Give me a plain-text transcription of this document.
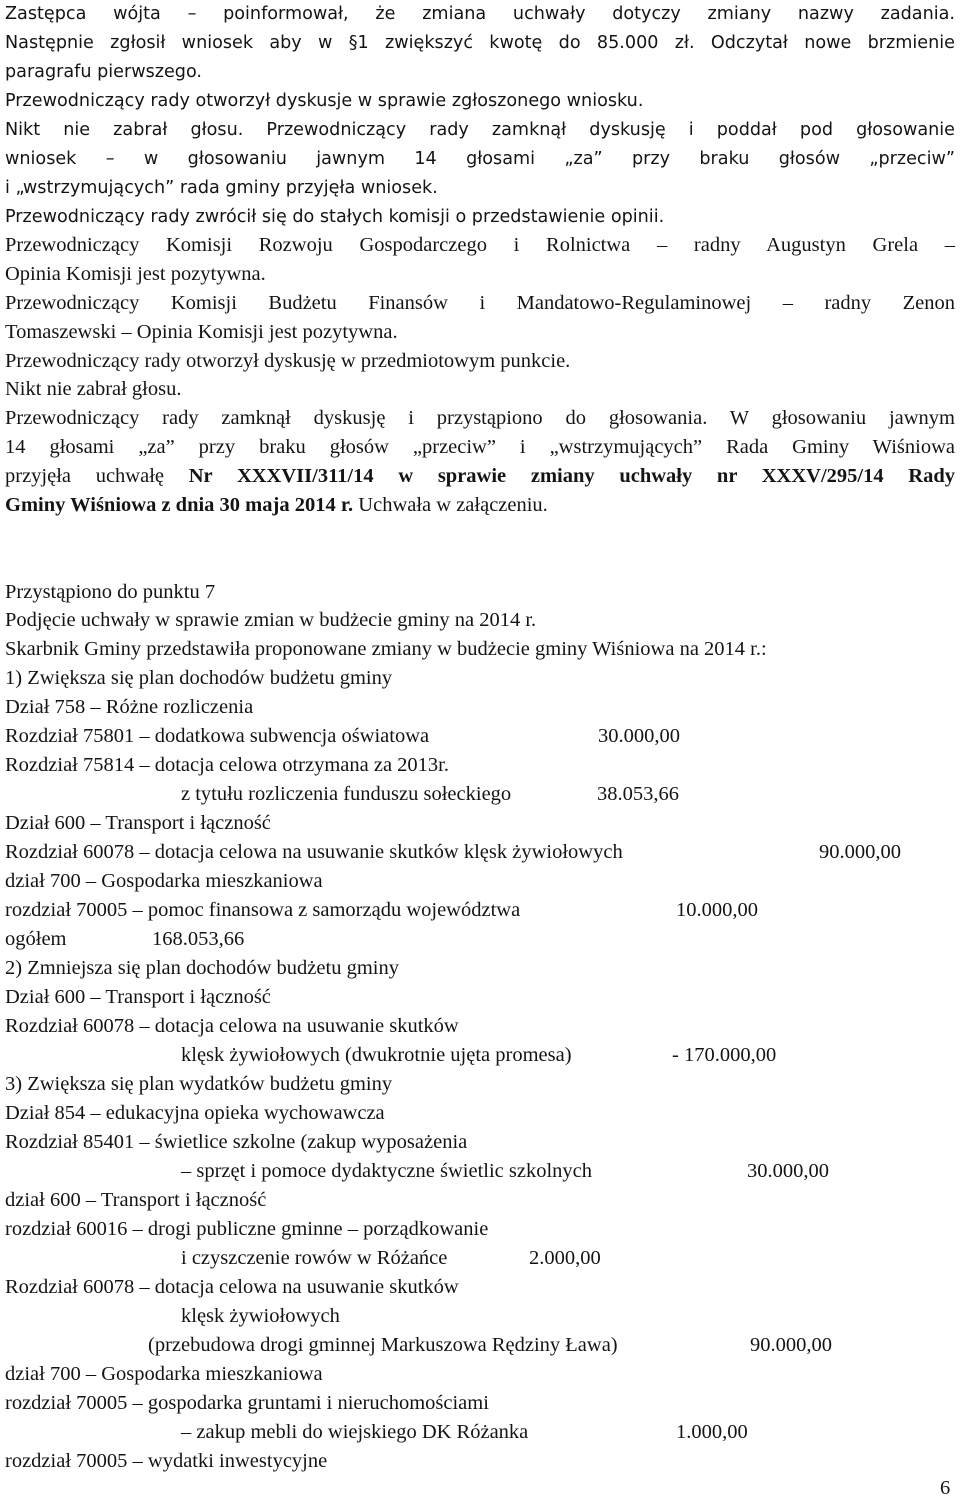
Zastępca wójta – poinformował, że zmiana uchwały dotyczy zmiany nazwy zadania.
Następnie zgłosił wniosek aby w §1 zwiększyć kwotę do 85.000 zł. Odczytał nowe brzmienie
paragrafu pierwszego.
Przewodniczący rady otworzył dyskusje w sprawie zgłoszonego wniosku.
Nikt nie zabrał głosu. Przewodniczący rady zamknął dyskusję i poddał pod głosowanie
wniosek – w głosowaniu jawnym 14 głosami „za” przy braku głosów „przeciw”
i „wstrzymujących” rada gminy przyjęła wniosek.
Przewodniczący rady zwrócił się do stałych komisji o przedstawienie opinii.
Przewodniczący Komisji Rozwoju Gospodarczego i Rolnictwa – radny Augustyn Grela –
Opinia Komisji jest pozytywna.
Przewodniczący Komisji Budżetu Finansów i Mandatowo-Regulaminowej – radny Zenon
Tomaszewski – Opinia Komisji jest pozytywna.
Przewodniczący rady otworzył dyskusję w przedmiotowym punkcie.
Nikt nie zabrał głosu.
Przewodniczący rady zamknął dyskusję i przystąpiono do głosowania. W głosowaniu jawnym
14 głosami „za” przy braku głosów „przeciw” i „wstrzymujących” Rada Gminy Wiśniowa
przyjęła uchwałę Nr XXXVII/311/14 w sprawie zmiany uchwały nr XXXV/295/14 Rady
Gminy Wiśniowa z dnia 30 maja 2014 r. Uchwała w załączeniu.
Przystąpiono do punktu 7
Podjęcie uchwały w sprawie zmian w budżecie gminy na 2014 r.
Skarbnik Gminy przedstawiła proponowane zmiany w budżecie gminy Wiśniowa na 2014 r.:
1) Zwiększa się plan dochodów budżetu gminy
Dział 758 – Różne rozliczenia
Rozdział 75801 – dodatkowa subwencja oświatowa	30.000,00
Rozdział 75814 – dotacja celowa otrzymana za 2013r.
z tytułu rozliczenia funduszu sołeckiego	38.053,66
Dział 600 – Transport i łączność
Rozdział 60078 – dotacja celowa na usuwanie skutków klęsk żywiołowych	90.000,00
dział 700 – Gospodarka mieszkaniowa
rozdział 70005 – pomoc finansowa z samorządu województwa	10.000,00
ogółem	168.053,66
2) Zmniejsza się plan dochodów budżetu gminy
Dział 600 – Transport i łączność
Rozdział 60078 – dotacja celowa na usuwanie skutków
klęsk żywiołowych (dwukrotnie ujęta promesa)	- 170.000,00
3) Zwiększa się plan wydatków budżetu gminy
Dział 854 – edukacyjna opieka wychowawcza
Rozdział 85401 – świetlice szkolne (zakup wyposażenia
– sprzęt i pomoce dydaktyczne świetlic szkolnych	30.000,00
dział 600 – Transport i łączność
rozdział 60016 – drogi publiczne gminne – porządkowanie
i czyszczenie rowów w Różańce	2.000,00
Rozdział 60078 – dotacja celowa na usuwanie skutków
klęsk żywiołowych
(przebudowa drogi gminnej Markuszowa Rędziny Ława)	90.000,00
dział 700 – Gospodarka mieszkaniowa
rozdział 70005 – gospodarka gruntami i nieruchomościami
– zakup mebli do wiejskiego DK Różanka	1.000,00
rozdział 70005 – wydatki inwestycyjne
6
